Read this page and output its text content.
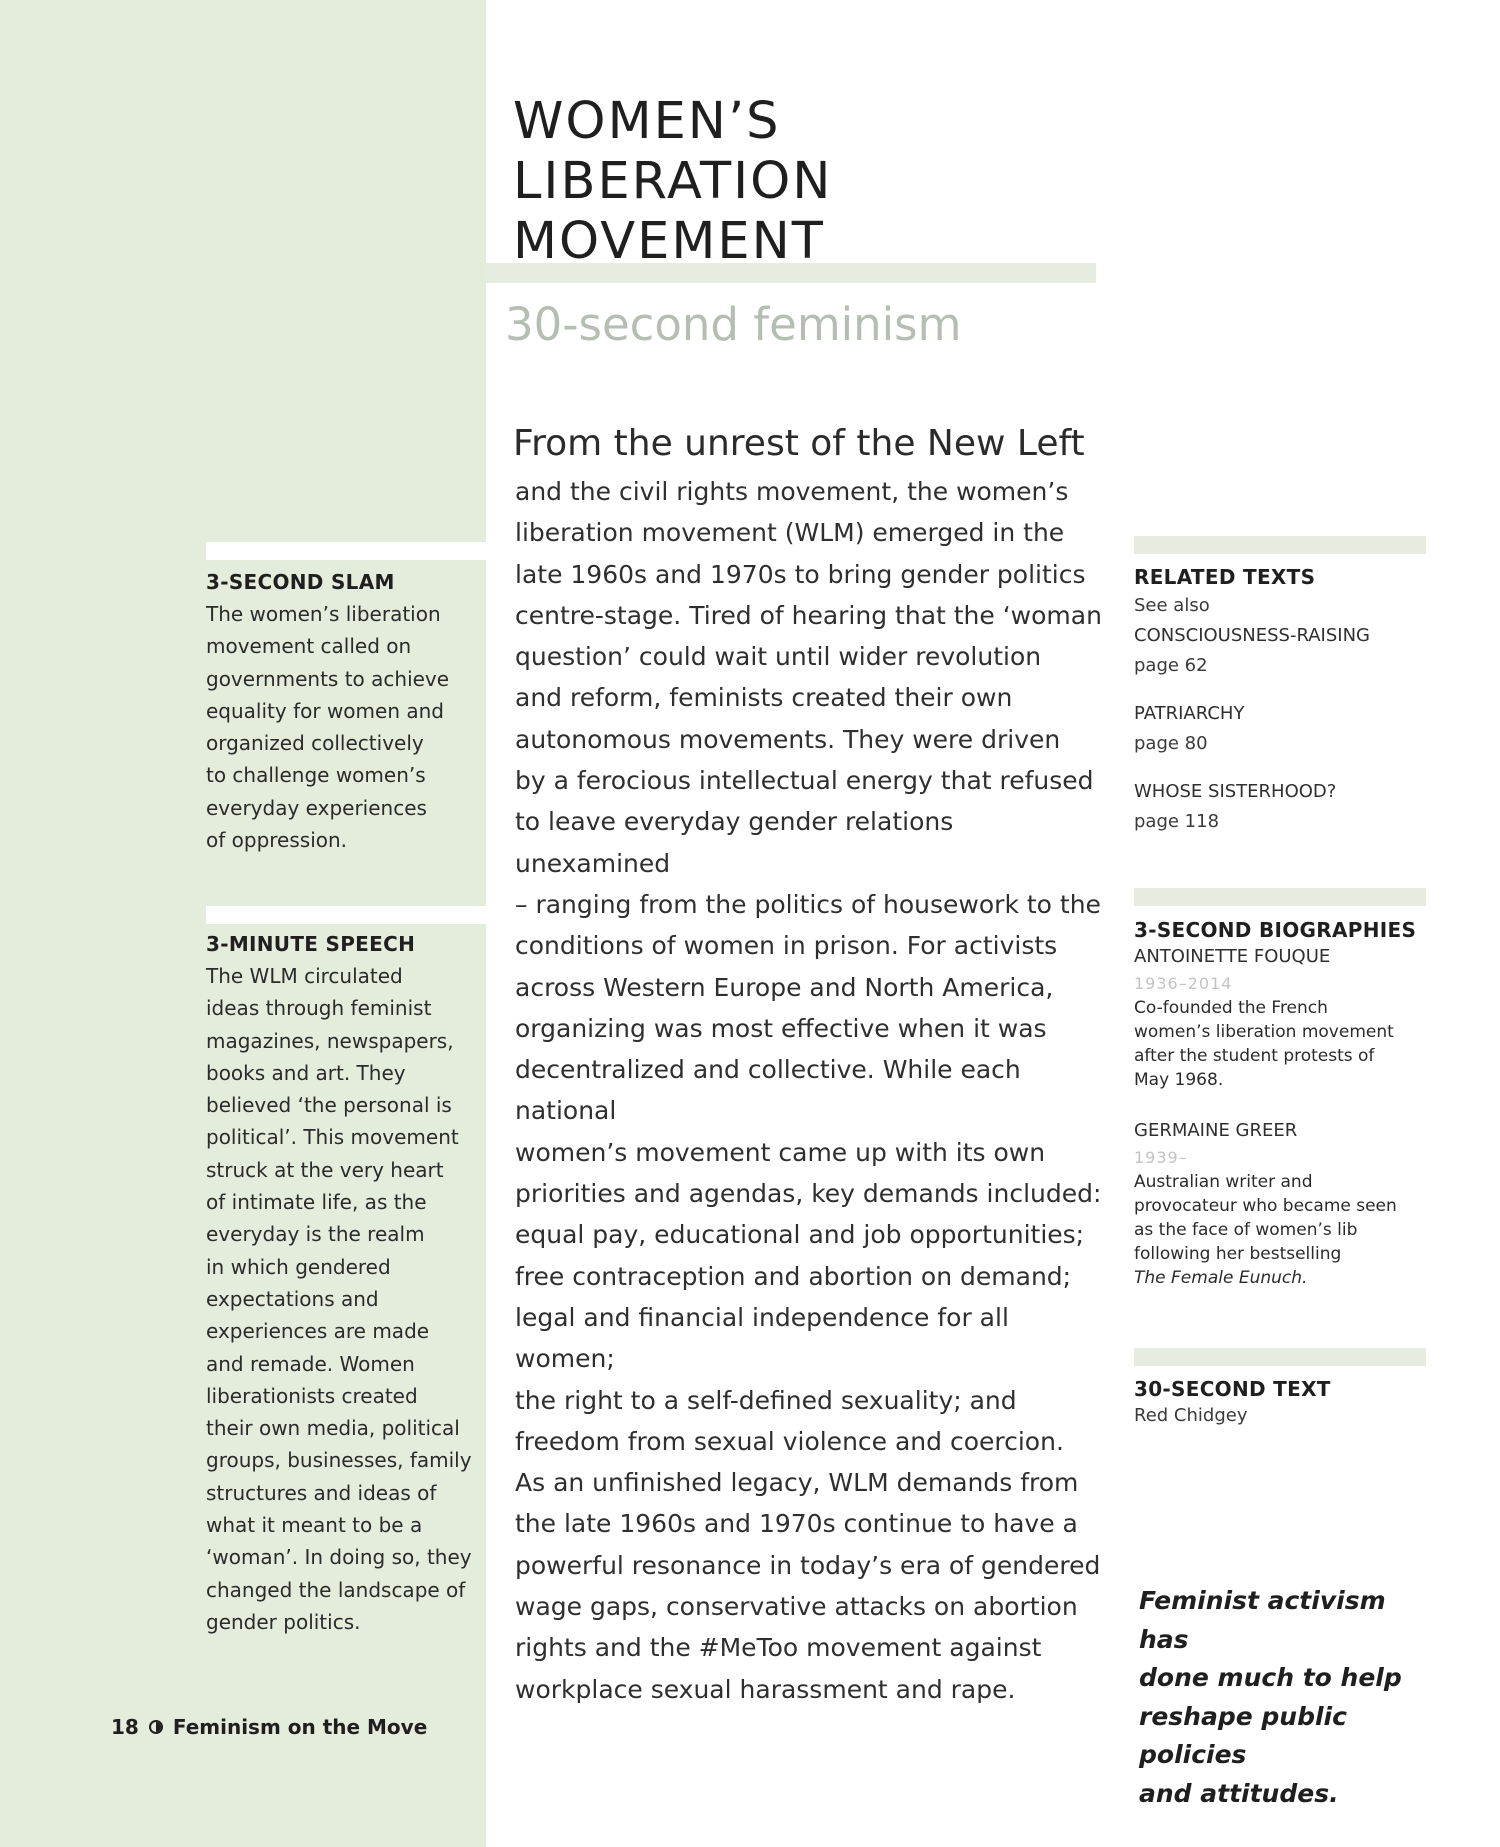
WOMEN’S
LIBERATION
MOVEMENT
30-second feminism
3-SECOND SLAM
The women’s liberation
movement called on
governments to achieve
equality for women and
organized collectively
to challenge women’s
everyday experiences
of oppression.
3-MINUTE SPEECH
The WLM circulated
ideas through feminist
magazines, newspapers,
books and art. They
believed ‘the personal is
political’. This movement
struck at the very heart
of intimate life, as the
everyday is the realm
in which gendered
expectations and
experiences are made
and remade. Women
liberationists created
their own media, political
groups, businesses, family
structures and ideas of
what it meant to be a
‘woman’. In doing so, they
changed the landscape of
gender politics.
From the unrest of the New Left
and the civil rights movement, the women’s
liberation movement (WLM) emerged in the
late 1960s and 1970s to bring gender politics
centre-stage. Tired of hearing that the ‘woman
question’ could wait until wider revolution
and reform, feminists created their own
autonomous movements. They were driven
by a ferocious intellectual energy that refused
to leave everyday gender relations unexamined
– ranging from the politics of housework to the
conditions of women in prison. For activists
across Western Europe and North America,
organizing was most effective when it was
decentralized and collective. While each national
women’s movement came up with its own
priorities and agendas, key demands included:
equal pay, educational and job opportunities;
free contraception and abortion on demand;
legal and financial independence for all women;
the right to a self-defined sexuality; and
freedom from sexual violence and coercion.
As an unfinished legacy, WLM demands from
the late 1960s and 1970s continue to have a
powerful resonance in today’s era of gendered
wage gaps, conservative attacks on abortion
rights and the #MeToo movement against
workplace sexual harassment and rape.
RELATED TEXTS
See also
CONSCIOUSNESS-RAISING
page 62
PATRIARCHY
page 80
WHOSE SISTERHOOD?
page 118
3-SECOND BIOGRAPHIES
ANTOINETTE FOUQUE
1936–2014
Co-founded the French
women’s liberation movement
after the student protests of
May 1968.
GERMAINE GREER
1939–
Australian writer and
provocateur who became seen
as the face of women’s lib
following her bestselling
The Female Eunuch.
30-SECOND TEXT
Red Chidgey
Feminist activism has
done much to help
reshape public policies
and attitudes.
18 Feminism on the Move
